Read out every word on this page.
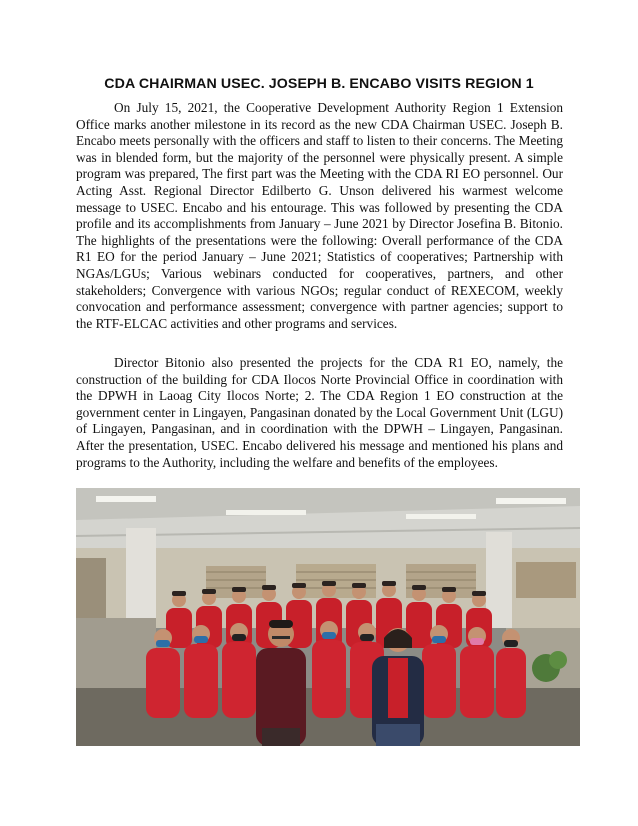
CDA CHAIRMAN USEC. JOSEPH B. ENCABO VISITS REGION 1
On July 15, 2021, the Cooperative Development Authority Region 1 Extension Office marks another milestone in its record as the new CDA Chairman USEC. Joseph B. Encabo meets personally with the officers and staff to listen to their concerns. The Meeting was in blended form, but the majority of the personnel were physically present. A simple program was prepared, The first part was the Meeting with the CDA RI EO personnel. Our Acting Asst. Regional Director Edilberto G. Unson delivered his warmest welcome message to USEC. Encabo and his entourage. This was followed by presenting the CDA profile and its accomplishments from January – June 2021 by Director Josefina B. Bitonio. The highlights of the presentations were the following: Overall performance of the CDA R1 EO for the period January – June 2021; Statistics of cooperatives; Partnership with NGAs/LGUs; Various webinars conducted for cooperatives, partners, and other stakeholders; Convergence with various NGOs; regular conduct of REXECOM, weekly convocation and performance assessment; convergence with partner agencies; support to the RTF-ELCAC activities and other programs and services.
Director Bitonio also presented the projects for the CDA R1 EO, namely, the construction of the building for CDA Ilocos Norte Provincial Office in coordination with the DPWH in Laoag City Ilocos Norte; 2. The CDA Region 1 EO construction at the government center in Lingayen, Pangasinan donated by the Local Government Unit (LGU) of Lingayen, Pangasinan, and in coordination with the DPWH – Lingayen, Pangasinan. After the presentation, USEC. Encabo delivered his message and mentioned his plans and programs to the Authority, including the welfare and benefits of the employees.
